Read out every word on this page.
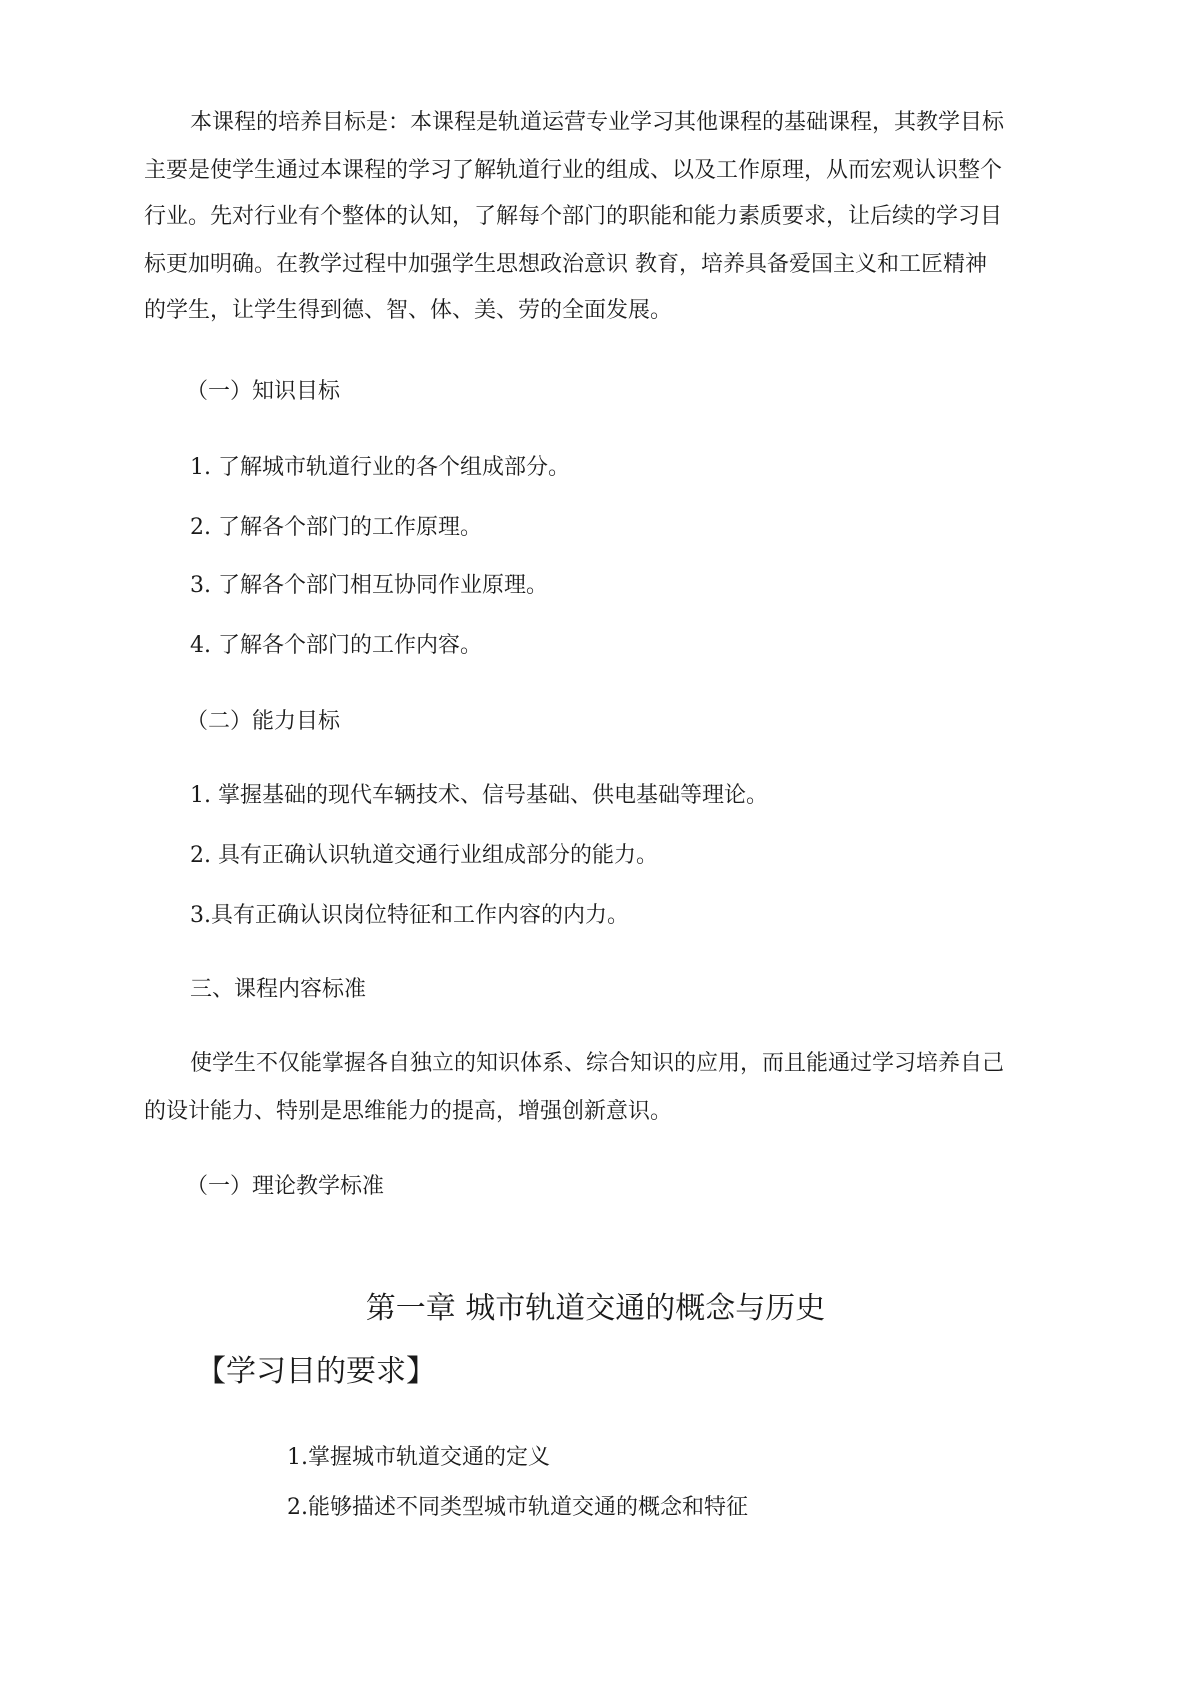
本课程的培养目标是：本课程是轨道运营专业学习其他课程的基础课程，其教学目标

主要是使学生通过本课程的学习了解轨道行业的组成、以及工作原理，从而宏观认识整个

行业。先对行业有个整体的认知，了解每个部门的职能和能力素质要求，让后续的学习目

标更加明确。在教学过程中加强学生思想政治意识 教育，培养具备爱国主义和工匠精神

的学生，让学生得到德、智、体、美、劳的全面发展。

（一）知识目标

1. 了解城市轨道行业的各个组成部分。

2. 了解各个部门的工作原理。

3. 了解各个部门相互协同作业原理。

4. 了解各个部门的工作内容。

（二）能力目标

1. 掌握基础的现代车辆技术、信号基础、供电基础等理论。

2. 具有正确认识轨道交通行业组成部分的能力。

3.具有正确认识岗位特征和工作内容的内力。

三、课程内容标准

使学生不仅能掌握各自独立的知识体系、综合知识的应用，而且能通过学习培养自己

的设计能力、特别是思维能力的提高，增强创新意识。

（一）理论教学标准

第一章 城市轨道交通的概念与历史
【学习目的要求】
1.掌握城市轨道交通的定义
2.能够描述不同类型城市轨道交通的概念和特征
